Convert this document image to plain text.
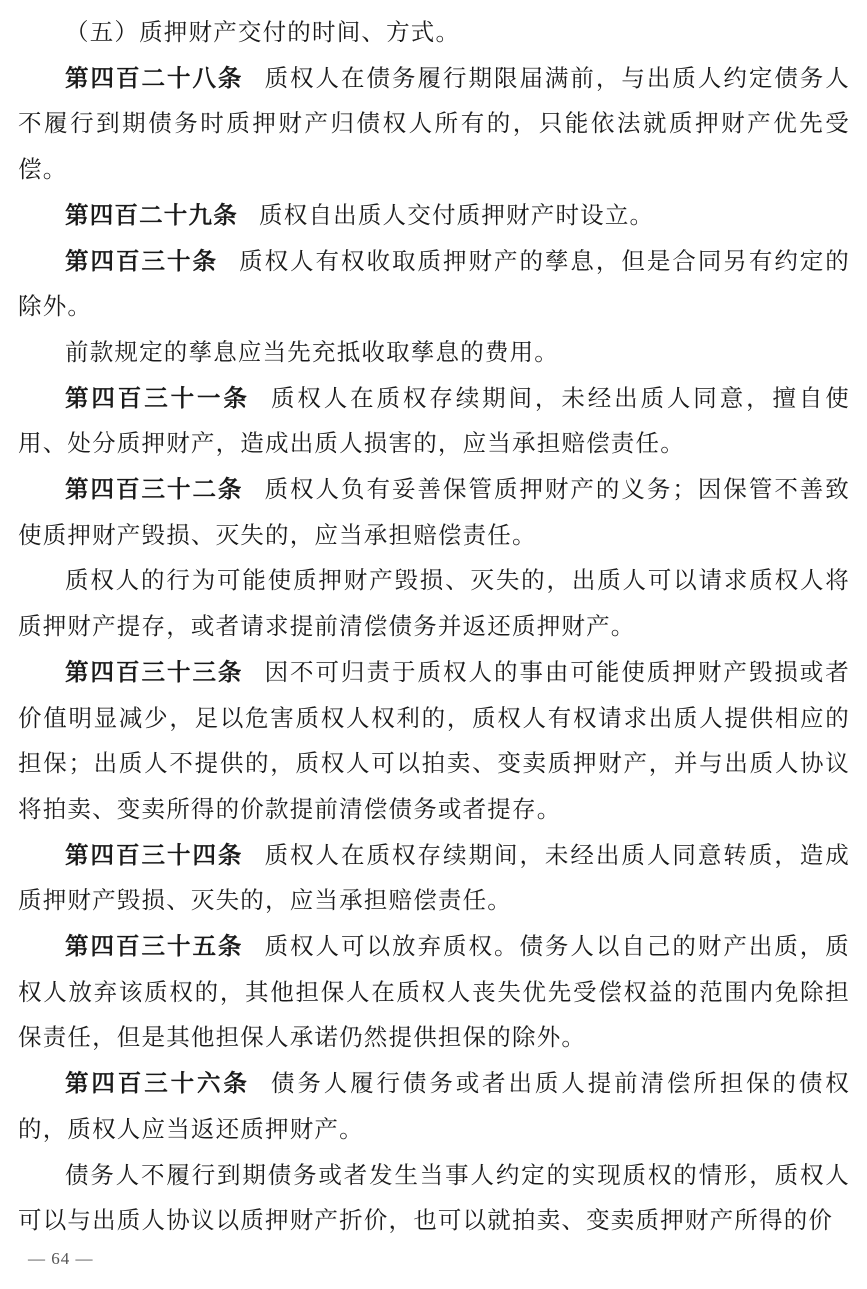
（五）质押财产交付的时间、方式。

第四百二十八条 质权人在债务履行期限届满前，与出质人约定债务人不履行到期债务时质押财产归债权人所有的，只能依法就质押财产优先受偿。

第四百二十九条 质权自出质人交付质押财产时设立。

第四百三十条 质权人有权收取质押财产的孳息，但是合同另有约定的除外。

前款规定的孳息应当先充抵收取孳息的费用。

第四百三十一条 质权人在质权存续期间，未经出质人同意，擅自使用、处分质押财产，造成出质人损害的，应当承担赔偿责任。

第四百三十二条 质权人负有妥善保管质押财产的义务；因保管不善致使质押财产毁损、灭失的，应当承担赔偿责任。

质权人的行为可能使质押财产毁损、灭失的，出质人可以请求质权人将质押财产提存，或者请求提前清偿债务并返还质押财产。

第四百三十三条 因不可归责于质权人的事由可能使质押财产毁损或者价值明显减少，足以危害质权人权利的，质权人有权请求出质人提供相应的担保；出质人不提供的，质权人可以拍卖、变卖质押财产，并与出质人协议将拍卖、变卖所得的价款提前清偿债务或者提存。

第四百三十四条 质权人在质权存续期间，未经出质人同意转质，造成质押财产毁损、灭失的，应当承担赔偿责任。

第四百三十五条 质权人可以放弃质权。债务人以自己的财产出质，质权人放弃该质权的，其他担保人在质权人丧失优先受偿权益的范围内免除担保责任，但是其他担保人承诺仍然提供担保的除外。

第四百三十六条 债务人履行债务或者出质人提前清偿所担保的债权的，质权人应当返还质押财产。

债务人不履行到期债务或者发生当事人约定的实现质权的情形，质权人可以与出质人协议以质押财产折价，也可以就拍卖、变卖质押财产所得的价

— 64 —
